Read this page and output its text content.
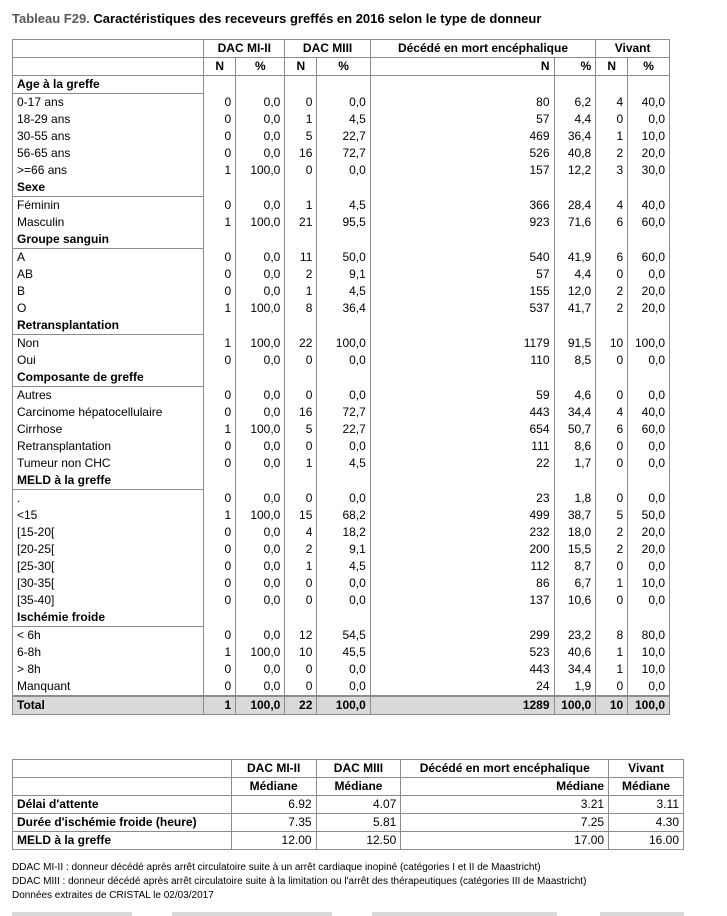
Tableau F29. Caractéristiques des receveurs greffés en 2016 selon le type de donneur
	DAC MI-II		DAC MIII		Décédé en mort encéphalique		Vivant	
	N	%	N	%	N	%	N	%
Age à la greffe								
0-17 ans	0	0,0	0	0,0	80	6,2	4	40,0
18-29 ans	0	0,0	1	4,5	57	4,4	0	0,0
30-55 ans	0	0,0	5	22,7	469	36,4	1	10,0
56-65 ans	0	0,0	16	72,7	526	40,8	2	20,0
>=66 ans	1	100,0	0	0,0	157	12,2	3	30,0
Sexe								
Féminin	0	0,0	1	4,5	366	28,4	4	40,0
Masculin	1	100,0	21	95,5	923	71,6	6	60,0
Groupe sanguin								
A	0	0,0	11	50,0	540	41,9	6	60,0
AB	0	0,0	2	9,1	57	4,4	0	0,0
B	0	0,0	1	4,5	155	12,0	2	20,0
O	1	100,0	8	36,4	537	41,7	2	20,0
Retransplantation								
Non	1	100,0	22	100,0	1179	91,5	10	100,0
Oui	0	0,0	0	0,0	110	8,5	0	0,0
Composante de greffe								
Autres	0	0,0	0	0,0	59	4,6	0	0,0
Carcinome hépatocellulaire	0	0,0	16	72,7	443	34,4	4	40,0
Cirrhose	1	100,0	5	22,7	654	50,7	6	60,0
Retransplantation	0	0,0	0	0,0	111	8,6	0	0,0
Tumeur non CHC	0	0,0	1	4,5	22	1,7	0	0,0
MELD à la greffe								
.	0	0,0	0	0,0	23	1,8	0	0,0
<15	1	100,0	15	68,2	499	38,7	5	50,0
[15-20[	0	0,0	4	18,2	232	18,0	2	20,0
[20-25[	0	0,0	2	9,1	200	15,5	2	20,0
[25-30[	0	0,0	1	4,5	112	8,7	0	0,0
[30-35[	0	0,0	0	0,0	86	6,7	1	10,0
[35-40]	0	0,0	0	0,0	137	10,6	0	0,0
Ischémie froide								
< 6h	0	0,0	12	54,5	299	23,2	8	80,0
6-8h	1	100,0	10	45,5	523	40,6	1	10,0
> 8h	0	0,0	0	0,0	443	34,4	1	10,0
Manquant	0	0,0	0	0,0	24	1,9	0	0,0
Total	1	100,0	22	100,0	1289	100,0	10	100,0
	DAC MI-II	DAC MIII	Décédé en mort encéphalique	Vivant
	Médiane	Médiane	Médiane	Médiane
Délai d'attente	6.92	4.07	3.21	3.11
Durée d'ischémie froide (heure)	7.35	5.81	7.25	4.30
MELD à la greffe	12.00	12.50	17.00	16.00
DDAC MI-II : donneur décédé après arrêt circulatoire suite à un arrêt cardiaque inopiné (catégories I et II de Maastricht)
DDAC MIII : donneur décédé après arrêt circulatoire suite à la limitation ou l'arrêt des thérapeutiques (catégories III de Maastricht)
Données extraites de CRISTAL le 02/03/2017
